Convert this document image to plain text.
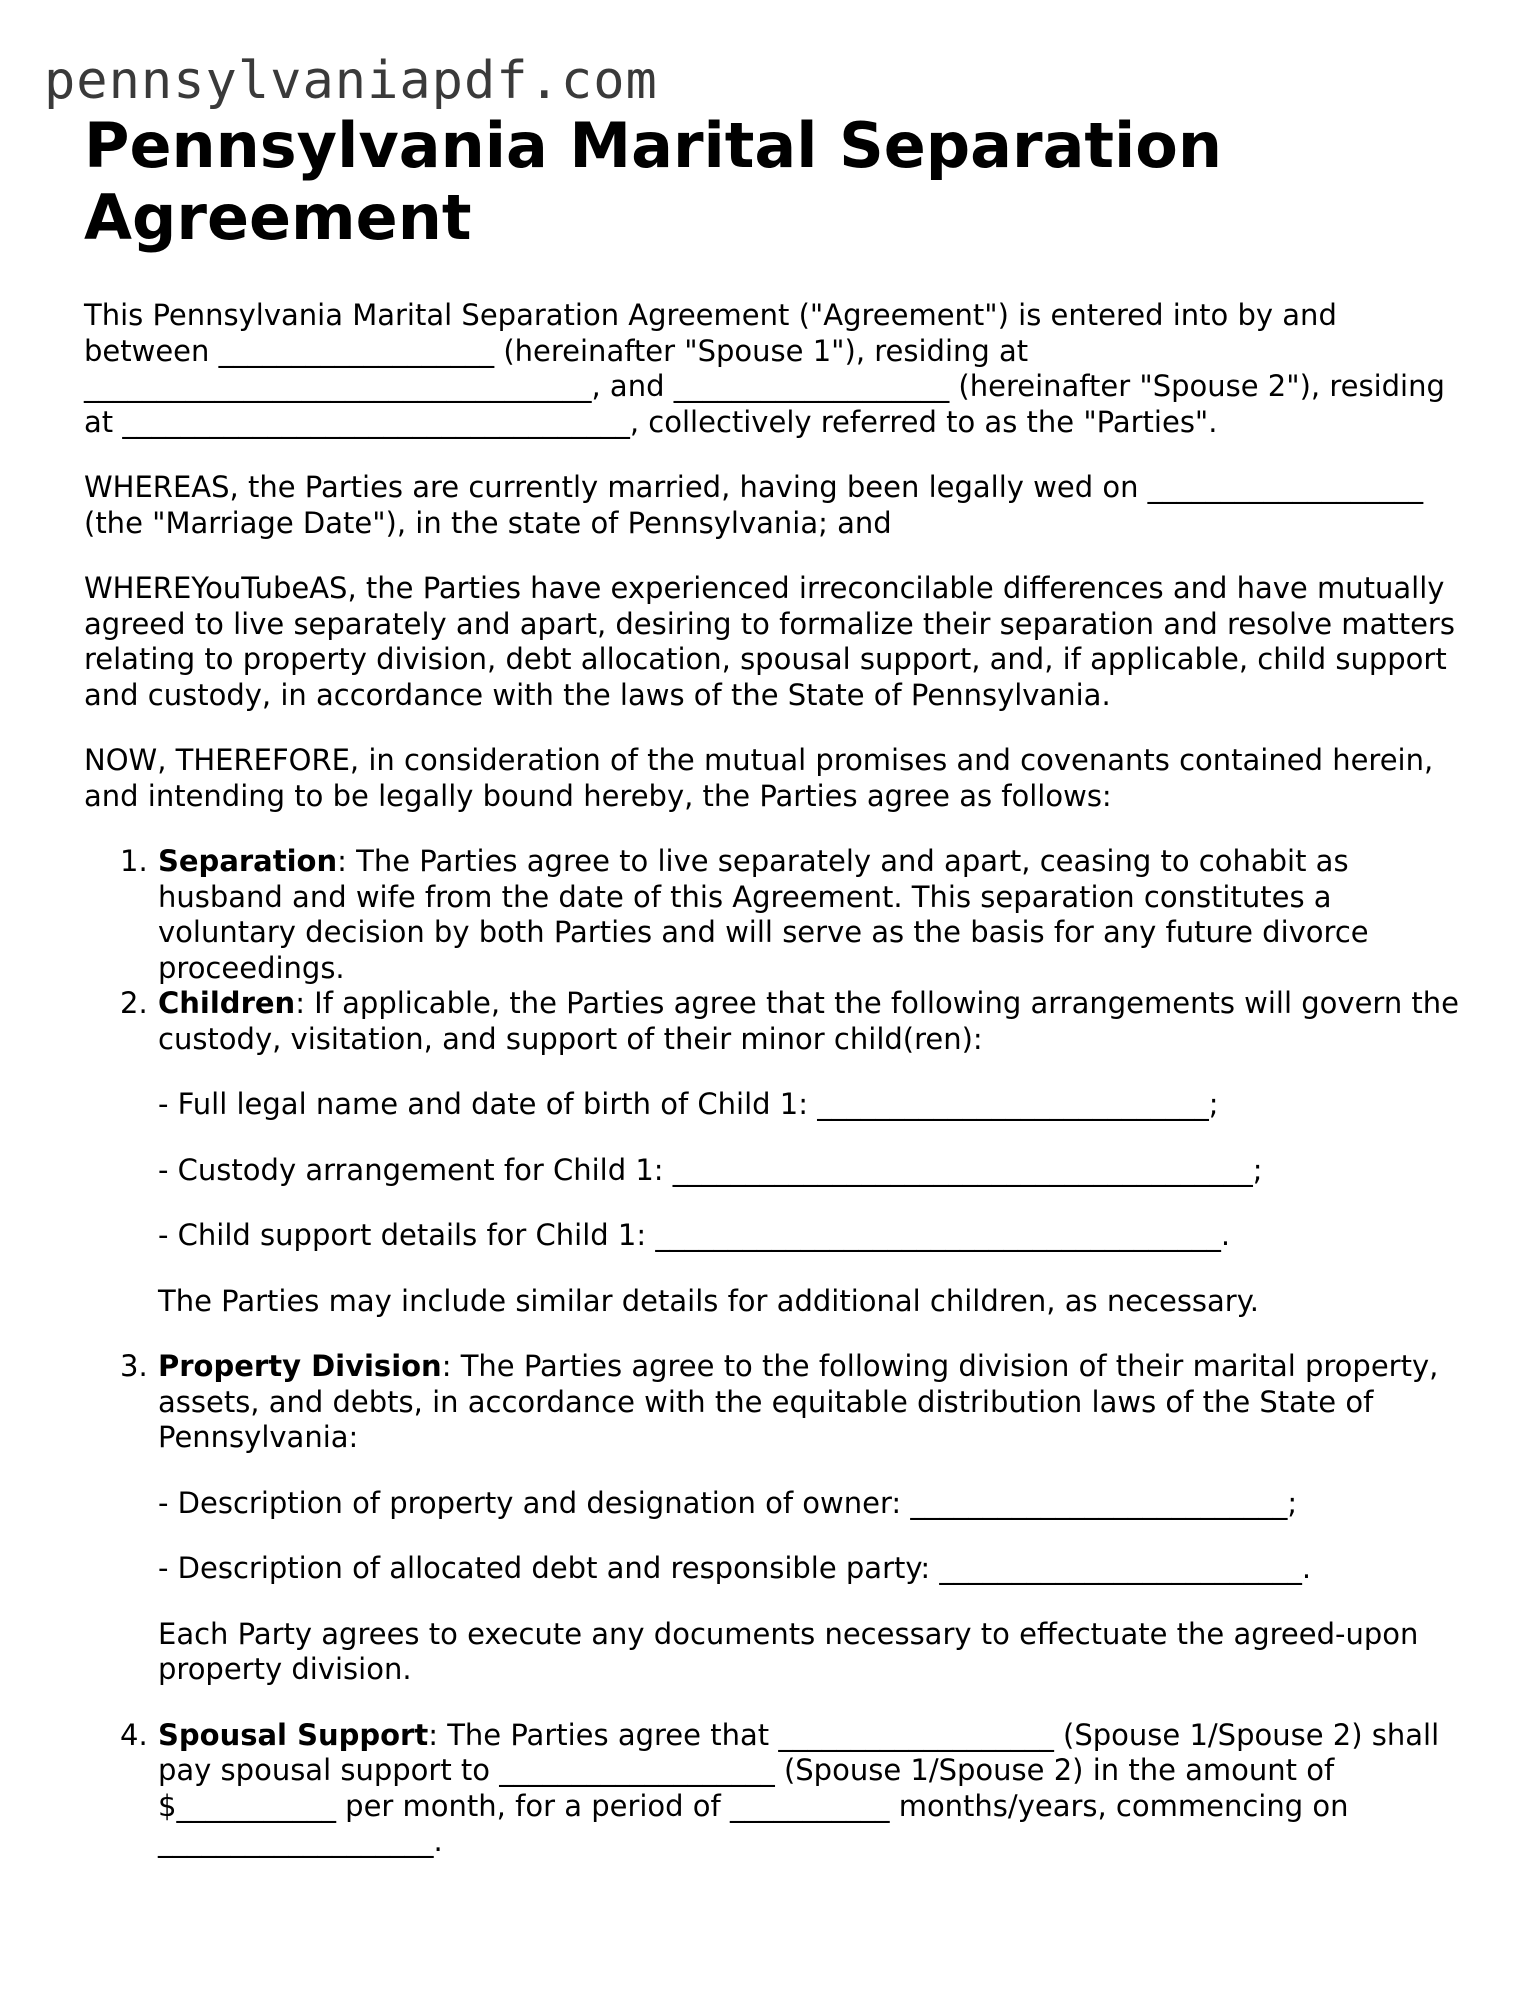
pennsylvaniapdf.com
Pennsylvania Marital Separation Agreement

This Pennsylvania Marital Separation Agreement ("Agreement") is entered into by and between ___________________ (hereinafter "Spouse 1"), residing at ___________________________________, and ___________________ (hereinafter "Spouse 2"), residing at ___________________________________, collectively referred to as the "Parties".

WHEREAS, the Parties are currently married, having been legally wed on ___________________ (the "Marriage Date"), in the state of Pennsylvania; and

WHEREYouTubeAS, the Parties have experienced irreconcilable differences and have mutually agreed to live separately and apart, desiring to formalize their separation and resolve matters relating to property division, debt allocation, spousal support, and, if applicable, child support and custody, in accordance with the laws of the State of Pennsylvania.

NOW, THEREFORE, in consideration of the mutual promises and covenants contained herein, and intending to be legally bound hereby, the Parties agree as follows:

1. Separation: The Parties agree to live separately and apart, ceasing to cohabit as husband and wife from the date of this Agreement. This separation constitutes a voluntary decision by both Parties and will serve as the basis for any future divorce proceedings.
2. Children: If applicable, the Parties agree that the following arrangements will govern the custody, visitation, and support of their minor child(ren):

- Full legal name and date of birth of Child 1: ___________________________;

- Custody arrangement for Child 1: ________________________________________;

- Child support details for Child 1: _______________________________________.

The Parties may include similar details for additional children, as necessary.

3. Property Division: The Parties agree to the following division of their marital property, assets, and debts, in accordance with the equitable distribution laws of the State of Pennsylvania:

- Description of property and designation of owner: __________________________;

- Description of allocated debt and responsible party: _________________________.

Each Party agrees to execute any documents necessary to effectuate the agreed-upon property division.

4. Spousal Support: The Parties agree that ___________________ (Spouse 1/Spouse 2) shall pay spousal support to ___________________ (Spouse 1/Spouse 2) in the amount of $___________ per month, for a period of ___________ months/years, commencing on ___________________.
